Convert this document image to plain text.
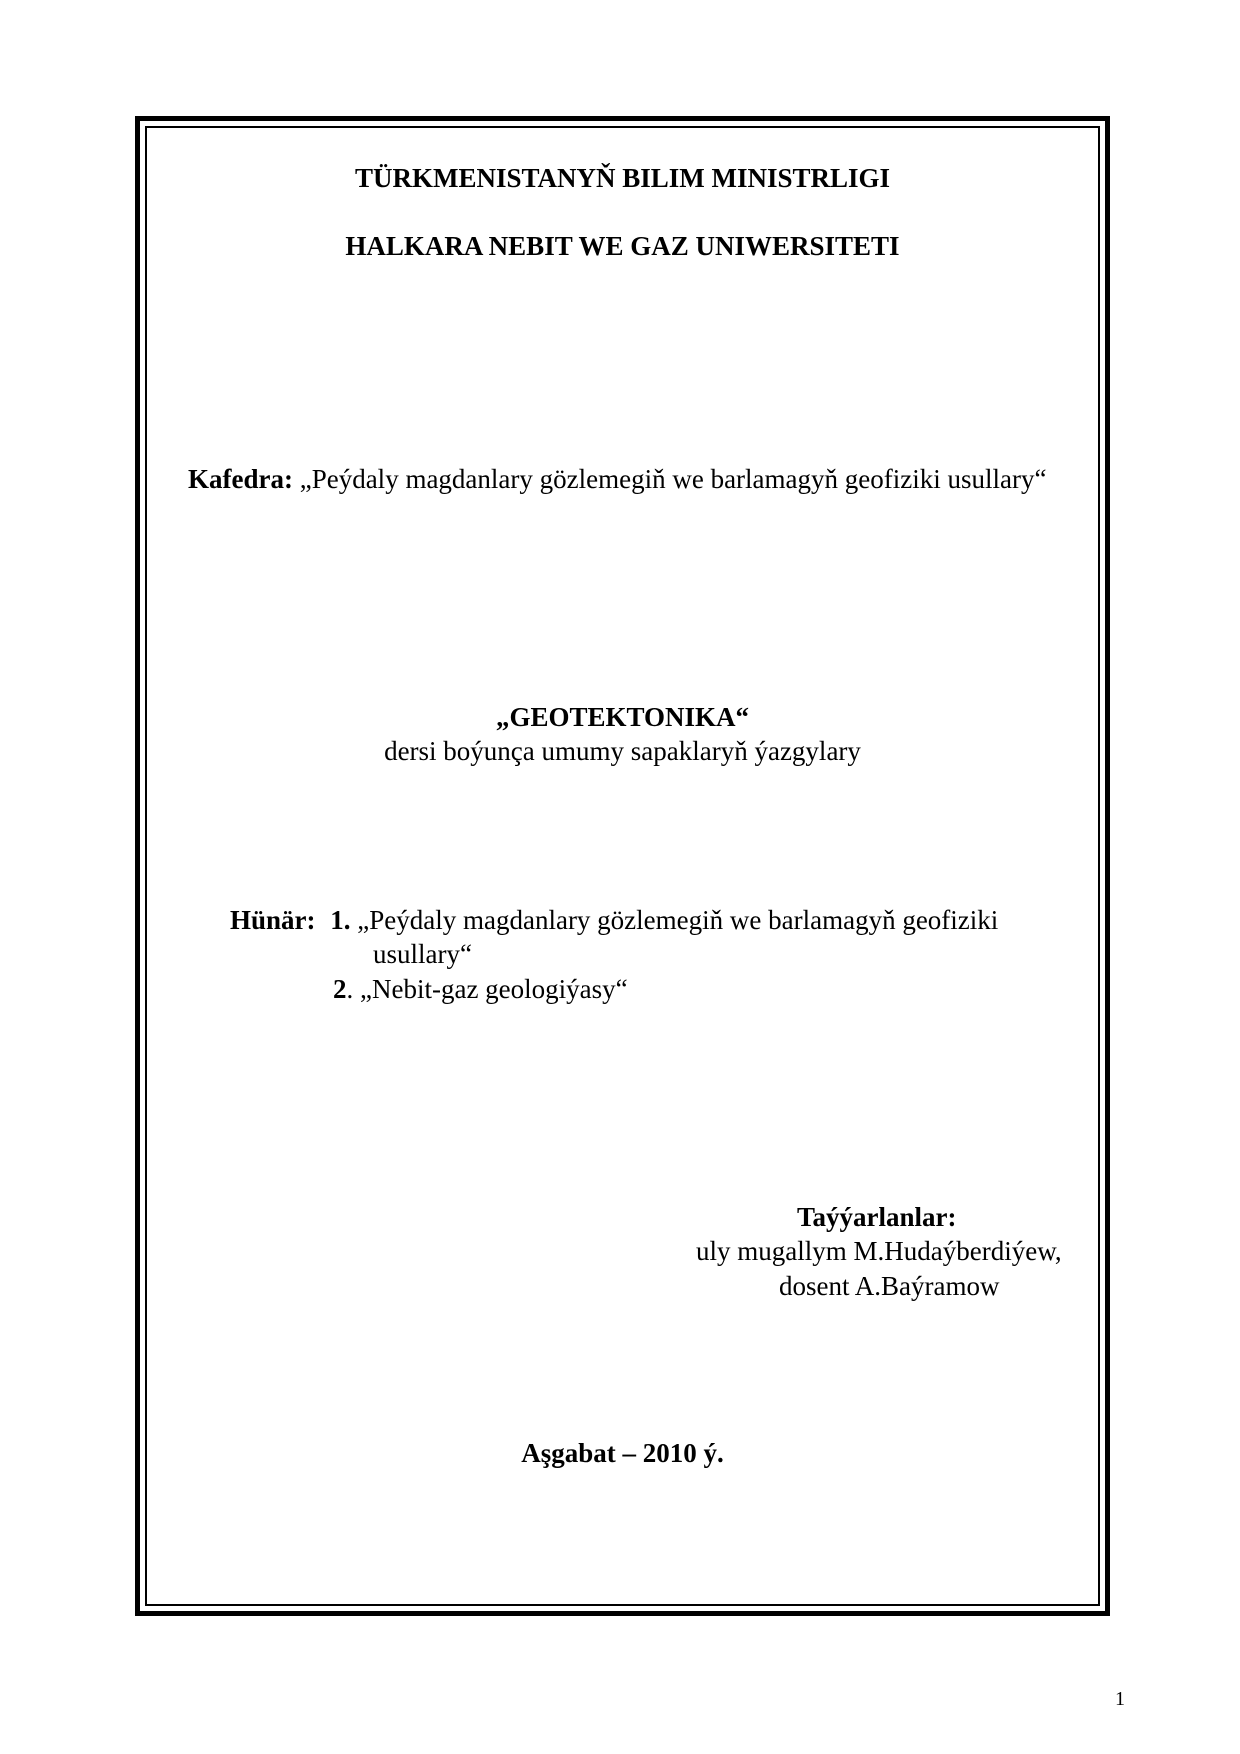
TÜRKMENISTANYŇ BILIM MINISTRLIGI
HALKARA NEBIT WE GAZ UNIWERSITETI
Kafedra: „Peýdaly magdanlary gözlemegiň we barlamagyň geofiziki usullary“
„GEOTEKTONIKA“
dersi boýunça umumy sapaklaryň ýazgylary
Hünär: 1. „Peýdaly magdanlary gözlemegiň we barlamagyň geofiziki
usullary“
2. „Nebit-gaz geologiýasy“
Taýýarlanlar:
uly mugallym M.Hudaýberdiýew,
dosent A.Baýramow
Aşgabat – 2010 ý.
1
